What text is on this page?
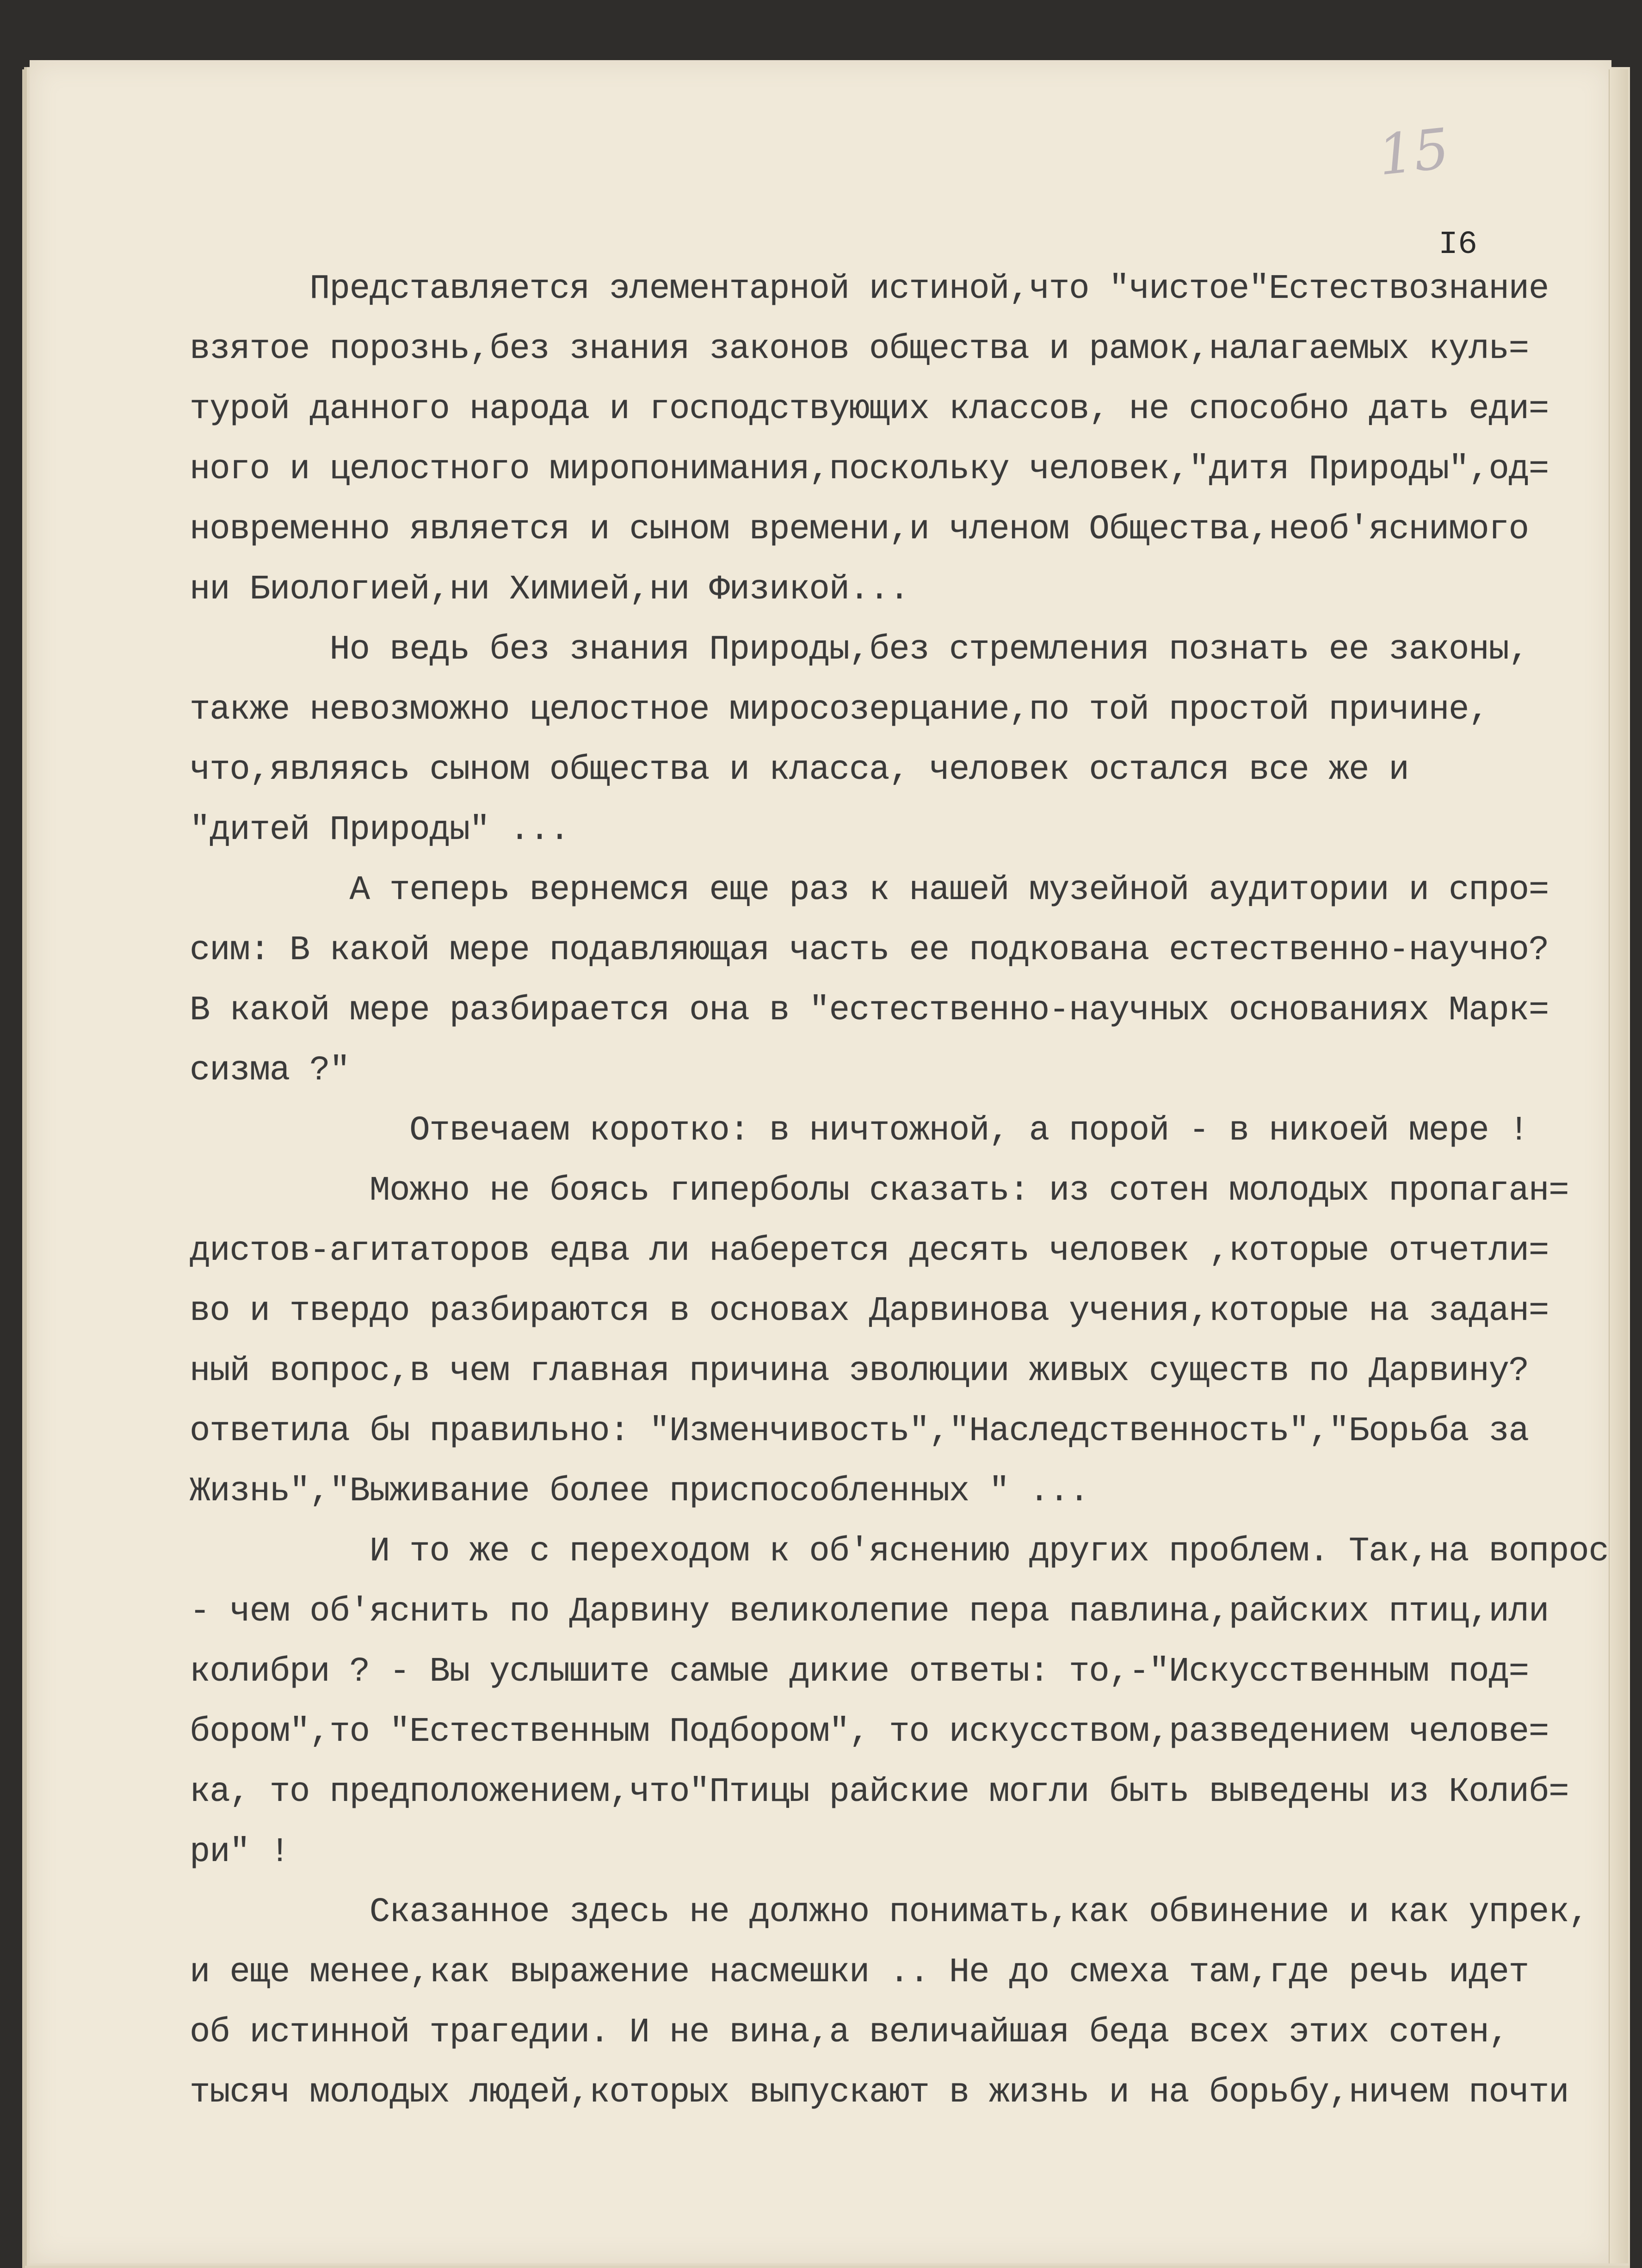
15
I6
Представляется элементарной истиной,что "чистое"Естествознание
взятое порознь,без знания законов общества и рамок,налагаемых куль=
турой данного народа и господствующих классов, не способно дать еди=
ного и целостного миропонимания,поскольку человек,"дитя Природы",од=
новременно является и сыном времени,и членом Общества,необ'яснимого
ни Биологией,ни Химией,ни Физикой...
Но ведь без знания Природы,без стремления познать ее законы,
также невозможно целостное миросозерцание,по той простой причине,
что,являясь сыном общества и класса, человек остался все же и
"дитей Природы" ...
А теперь вернемся еще раз к нашей музейной аудитории и спро=
сим: В какой мере подавляющая часть ее подкована естественно-научно?
В какой мере разбирается она в "естественно-научных основаниях Марк=
сизма ?"
Отвечаем коротко: в ничтожной, а порой - в никоей мере !
Можно не боясь гиперболы сказать: из сотен молодых пропаган=
дистов-агитаторов едва ли наберется десять человек ,которые отчетли=
во и твердо разбираются в основах Дарвинова учения,которые на задан=
ный вопрос,в чем главная причина эволюции живых существ по Дарвину?
ответила бы правильно: "Изменчивость","Наследственность","Борьба за
Жизнь","Выживание более приспособленных " ...
И то же с переходом к об'яснению других проблем. Так,на вопрос
- чем об'яснить по Дарвину великолепие пера павлина,райских птиц,или
колибри ? - Вы услышите самые дикие ответы: то,-"Искусственным под=
бором",то "Естественным Подбором", то искусством,разведением челове=
ка, то предположением,что"Птицы райские могли быть выведены из Колиб=
ри" !
Сказанное здесь не должно понимать,как обвинение и как упрек,
и еще менее,как выражение насмешки .. Не до смеха там,где речь идет
об истинной трагедии. И не вина,а величайшая беда всех этих сотен,
тысяч молодых людей,которых выпускают в жизнь и на борьбу,ничем почти
